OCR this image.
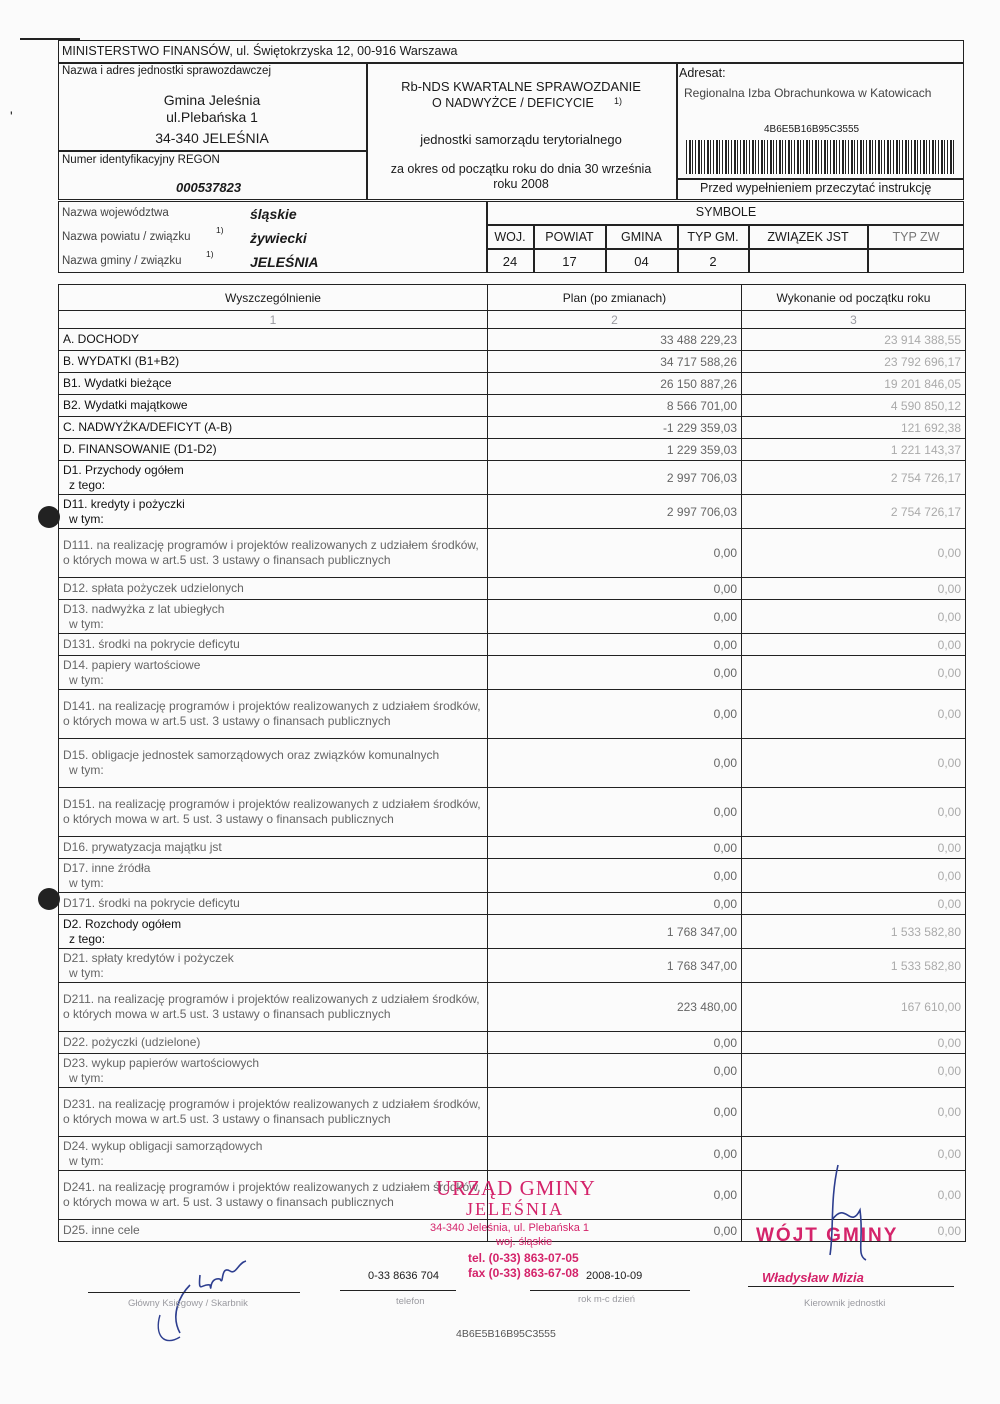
MINISTERSTWO FINANSÓW, ul. Świętokrzyska 12, 00-916 Warszawa
Nazwa i adres jednostki sprawozdawczej
Gmina Jeleśnia
ul.Plebańska 1
34-340 JELEŚNIA
Numer identyfikacyjny REGON
000537823
Rb-NDS KWARTALNE SPRAWOZDANIE
O NADWYŻCE / DEFICYCIE 1)
jednostki samorządu terytorialnego
za okres od początku roku do dnia 30 września
roku 2008
Adresat:
Regionalna Izba Obrachunkowa w Katowicach
4B6E5B16B95C3555
Przed wypełnieniem przeczytać instrukcję
Nazwa województwa	śląskie
Nazwa powiatu / związku
1) żywiecki
Nazwa gminy / związku
1)	JELEŚNIA
SYMBOLE
WOJ.	POWIAT	GMINA	TYP GM.	ZWIĄZEK JST	TYP ZW
24	17	04	2
Wyszczególnienie	Plan (po zmianach)	Wykonanie od początku roku
1	2	3

A. DOCHODY	33 488 229,23	23 914 388,55

B. WYDATKI (B1+B2)	34 717 588,26	23 792 696,17

B1. Wydatki bieżące	26 150 887,26	19 201 846,05

B2. Wydatki majątkowe	8 566 701,00	4 590 850,12

C. NADWYŻKA/DEFICYT (A-B)	-1 229 359,03	121 692,38

D. FINANSOWANIE (D1-D2)	1 229 359,03	1 221 143,37

D1. Przychody ogółem
z tego:	2 997 706,03	2 754 726,17

D11. kredyty i pożyczki
w tym:	2 997 706,03	2 754 726,17

D111. na realizację programów i projektów realizowanych z udziałem środków, o których mowa w art.5 ust. 3 ustawy o finansach publicznych	0,00	0,00

D12. spłata pożyczek udzielonych	0,00	0,00

D13. nadwyżka z lat ubiegłych
w tym:	0,00	0,00

D131. środki na pokrycie deficytu	0,00	0,00

D14. papiery wartościowe
w tym:	0,00	0,00

D141. na realizację programów i projektów realizowanych z udziałem środków, o których mowa w art.5 ust. 3 ustawy o finansach publicznych	0,00	0,00

D15. obligacje jednostek samorządowych oraz związków komunalnych
w tym:	0,00	0,00

D151. na realizację programów i projektów realizowanych z udziałem środków, o których mowa w art. 5 ust. 3 ustawy o finansach publicznych	0,00	0,00

D16. prywatyzacja majątku jst	0,00	0,00

D17. inne źródła
w tym:	0,00	0,00

D171. środki na pokrycie deficytu	0,00	0,00

D2. Rozchody ogółem
z tego:	1 768 347,00	1 533 582,80

D21. spłaty kredytów i pożyczek
w tym:	1 768 347,00	1 533 582,80

D211. na realizację programów i projektów realizowanych z udziałem środków, o których mowa w art.5 ust. 3 ustawy o finansach publicznych	223 480,00	167 610,00

D22. pożyczki (udzielone)	0,00	0,00

D23. wykup papierów wartościowych
w tym:	0,00	0,00

D231. na realizację programów i projektów realizowanych z udziałem środków, o których mowa w art.5 ust. 3 ustawy o finansach publicznych	0,00	0,00

D24. wykup obligacji samorządowych
w tym:	0,00	0,00

D241. na realizację programów i projektów realizowanych z udziałem środków, o których mowa w art. 5 ust. 3 ustawy o finansach publicznych	0,00	0,00

D25. inne cele	0,00	0,00
'
URZĄD GMINY
JELEŚNIA
34-340 Jeleśnia, ul. Plebańska 1
woj. śląskie
tel. (0-33) 863-07-05
fax (0-33) 863-67-08
WÓJT GMINY
Władysław Mizia
0-33 8636 704	2008-10-09
Główny Księgowy / Skarbnik	telefon	rok m-c dzień	Kierownik jednostki
4B6E5B16B95C3555
